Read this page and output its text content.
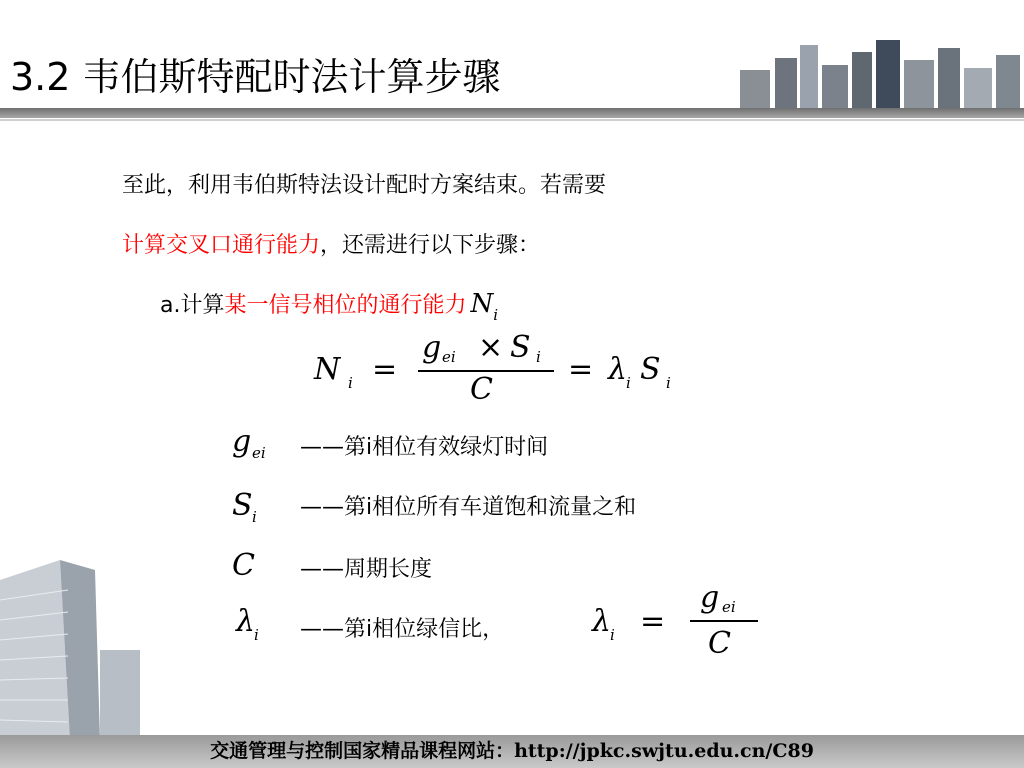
3.2 韦伯斯特配时法计算步骤
至此，利用韦伯斯特法设计配时方案结束。若需要
计算交叉口通行能力，还需进行以下步骤：
a.计算某一信号相位的通行能力 $N_i$
N i =
g ei × S i
C
= λ
i S i
g ei ——第i相位有效绿灯时间
S i ——第i相位所有车道饱和流量之和
C ——周期长度
λ
i ——第i相位绿信比，	λ
i =
g ei
C
交通管理与控制国家精品课程网站：http://jpkc.swjtu.edu.cn/C89
